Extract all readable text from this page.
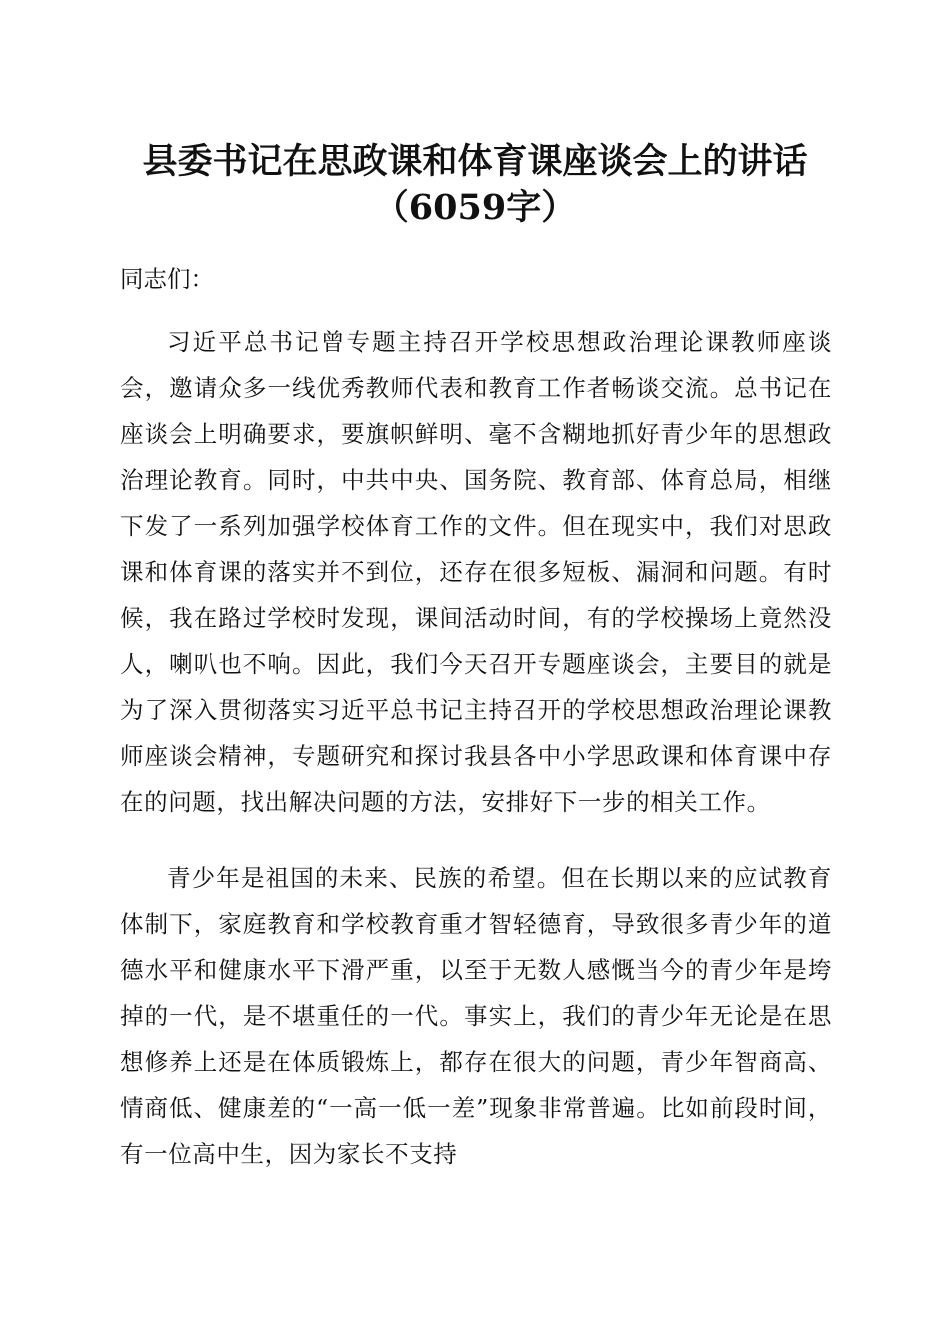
县委书记在思政课和体育课座谈会上的讲话
（6059字）

同志们：

习近平总书记曾专题主持召开学校思想政治理论课教师座谈会，邀请众多一线优秀教师代表和教育工作者畅谈交流。总书记在座谈会上明确要求，要旗帜鲜明、毫不含糊地抓好青少年的思想政治理论教育。同时，中共中央、国务院、教育部、体育总局，相继下发了一系列加强学校体育工作的文件。但在现实中，我们对思政课和体育课的落实并不到位，还存在很多短板、漏洞和问题。有时候，我在路过学校时发现，课间活动时间，有的学校操场上竟然没人，喇叭也不响。因此，我们今天召开专题座谈会，主要目的就是为了深入贯彻落实习近平总书记主持召开的学校思想政治理论课教师座谈会精神，专题研究和探讨我县各中小学思政课和体育课中存在的问题，找出解决问题的方法，安排好下一步的相关工作。

青少年是祖国的未来、民族的希望。但在长期以来的应试教育体制下，家庭教育和学校教育重才智轻德育，导致很多青少年的道德水平和健康水平下滑严重，以至于无数人感慨当今的青少年是垮掉的一代，是不堪重任的一代。事实上，我们的青少年无论是在思想修养上还是在体质锻炼上，都存在很大的问题，青少年智商高、情商低、健康差的“一高一低一差”现象非常普遍。比如前段时间，有一位高中生，因为家长不支持
